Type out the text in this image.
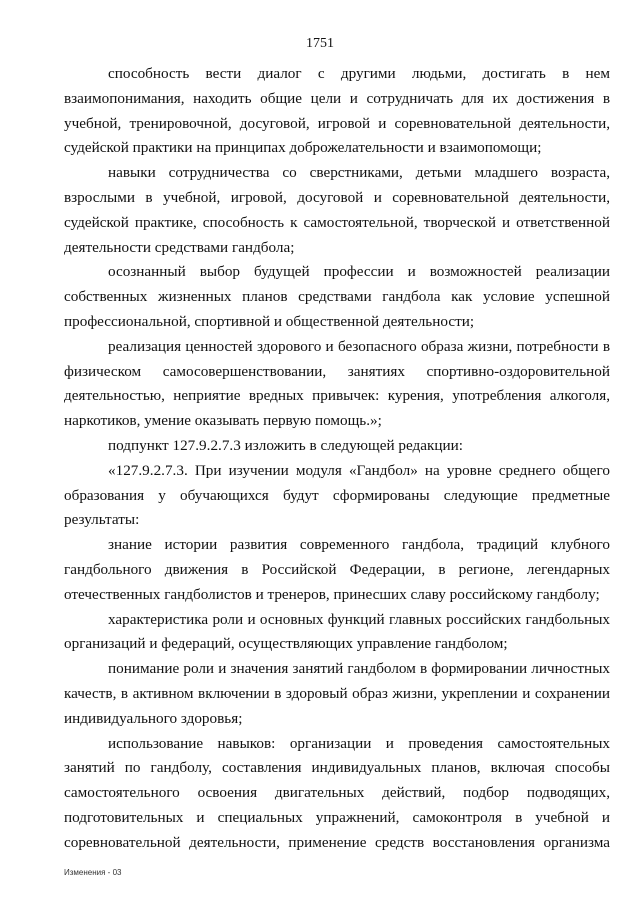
1751

способность вести диалог с другими людьми, достигать в нем взаимопонимания, находить общие цели и сотрудничать для их достижения в учебной, тренировочной, досуговой, игровой и соревновательной деятельности, судейской практики на принципах доброжелательности и взаимопомощи;

навыки сотрудничества со сверстниками, детьми младшего возраста, взрослыми в учебной, игровой, досуговой и соревновательной деятельности, судейской практике, способность к самостоятельной, творческой и ответственной деятельности средствами гандбола;

осознанный выбор будущей профессии и возможностей реализации собственных жизненных планов средствами гандбола как условие успешной профессиональной, спортивной и общественной деятельности;

реализация ценностей здорового и безопасного образа жизни, потребности в физическом самосовершенствовании, занятиях спортивно-оздоровительной деятельностью, неприятие вредных привычек: курения, употребления алкоголя, наркотиков, умение оказывать первую помощь.»;

подпункт 127.9.2.7.3 изложить в следующей редакции:

«127.9.2.7.3. При изучении модуля «Гандбол» на уровне среднего общего образования у обучающихся будут сформированы следующие предметные результаты:

знание истории развития современного гандбола, традиций клубного гандбольного движения в Российской Федерации, в регионе, легендарных отечественных гандболистов и тренеров, принесших славу российскому гандболу;

характеристика роли и основных функций главных российских гандбольных организаций и федераций, осуществляющих управление гандболом;

понимание роли и значения занятий гандболом в формировании личностных качеств, в активном включении в здоровый образ жизни, укреплении и сохранении индивидуального здоровья;

использование навыков: организации и проведения самостоятельных занятий по гандболу, составления индивидуальных планов, включая способы самостоятельного освоения двигательных действий, подбор подводящих, подготовительных и специальных упражнений, самоконтроля в учебной и соревновательной деятельности, применение средств восстановления организма

Изменения - 03
